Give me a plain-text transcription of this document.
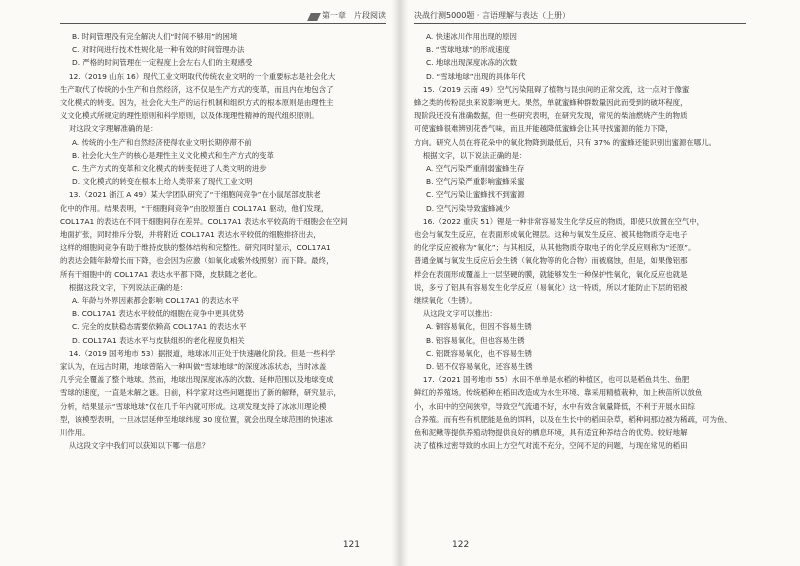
第一章　片段阅读

B. 时间管理没有完全解决人们“时间不够用”的困境

C. 对时间进行技术性规化是一种有效的时间管理办法

D. 严格的时间管理在一定程度上会左右人们的主观感受

12.（2019 山东 16）现代工业文明取代传统农业文明的一个重要标志是社会化大

生产取代了传统的小生产和自然经济，这不仅是生产方式的变革，而且内在地包含了

文化模式的转变。因为，社会化大生产的运行机制和组织方式的根本原则是由理性主

义文化模式所规定的理性原则和科学原则，以及体现理性精神的现代组织原则。

对这段文字理解准确的是：

A. 传统的小生产和自然经济使得农业文明长期停滞不前

B. 社会化大生产的核心是理性主义文化模式和生产方式的变革

C. 生产方式的变革和文化模式的转变促进了人类文明的进步

D. 文化模式的转变在根本上给人类带来了现代工业文明

13.（2021 浙江 A 49）某大学团队研究了“干细胞间竞争”在小鼠尾部皮肤老

化中的作用。结果表明，“干细胞间竞争”由胶原蛋白 COL17A1 驱动，他们发现，

COL17A1 的表达在不同干细胞间存在差异。COL17A1 表达水平较高的干细胞会在空间

地面扩张，同时排斥分裂，并将附近 COL17A1 表达水平较低的细胞排挤出去，

这样的细胞间竞争有助于维持皮肤的整体结构和完整性。研究同时显示，COL17A1

的表达会随年龄增长而下降，也会因为应激（如氧化或紫外线照射）而下降。最终，

所有干细胞中的 COL17A1 表达水平都下降，皮肤随之老化。

根据这段文字，下列说法正确的是：

A. 年龄与外界因素都会影响 COL17A1 的表达水平

B. COL17A1 表达水平较低的细胞在竞争中更具优势

C. 完全的皮肤稳态需要依赖高 COL17A1 的表达水平

D. COL17A1 表达水平与皮肤组织的老化程度负相关

14.（2019 国考地市 53）据报道，地球冰川正处于快速融化阶段。但是一些科学

家认为，在远古时期，地球曾陷入一种叫做“雪球地球”的深度冰冻状态，当时冰盖

几乎完全覆盖了整个地球。然而，地球出现深度冰冻的次数、延伸范围以及地球变成

雪球的速度，一直是未解之谜。日前，科学家对这些问题提出了新的解释，研究显示，

分析，结果显示“雪球地球”仅在几千年内就可形成。这项发现支持了冰冰川理论模

型，该模型表明，一旦冰层延伸至地球纬度 30 度位置，就会出现全球范围的快速冰

川作用。

从这段文字中我们可以获知以下哪一信息？

121
决战行测5000题 · 言语理解与表达（上册）

A. 快速冰川作用出现的原因

B. “雪球地球”的形成速度

C. 地球出现深度冰冻的次数

D. “雪球地球”出现的具体年代

15.（2019 云南 49）空气污染阻碍了植物与昆虫间的正常交流，这一点对于像蜜

蜂之类的传粉昆虫来说影响更大。果然，单就蜜蜂种群数量因此而受到的破坏程度，

现阶段还没有准确数据，但一些研究表明，在研究发现，常见的柴油燃烧产生的物质

可使蜜蜂很难辨别花香气味，而且并能越降低蜜蜂会让其寻找蜜源的能力下降，

方向。研究人员在将花朵中的氧化物降到最低后，只有 37% 的蜜蜂还能识别出蜜源在哪儿。

根据文字，以下说法正确的是：

A. 空气污染严重削弱蜜蜂生存

B. 空气污染严重影响蜜蜂采蜜

C. 空气污染让蜜蜂找不到蜜源

D. 空气污染导致蜜蜂减少

16.（2022 重庆 51）锂是一种非常容易发生化学反应的物质，即使只放置在空气中，

也会与氧发生反应，在表面形成氧化锂层。这种与氧发生反应、被其他物质夺走电子

的化学反应被称为“氧化”；与其相反，从其他物质夺取电子的化学反应则称为“还原”。

普通金属与氧发生反应后会生锈（氧化物等的化合物）而被腐蚀，但是，如果像铝那

样会在表面形成覆盖上一层坚硬的膜，就能够发生一种保护性氧化，氧化反应也就是

说，多亏了铝具有容易发生化学反应（易氧化）这一特质，所以才能防止下层的铝被

继续氧化（生锈）。

从这段文字可以推出：

A. 铜容易氧化，但因不容易生锈

B. 铝容易氧化，但也容易生锈

C. 铝既容易氧化，也不容易生锈

D. 铝不仅容易氧化，还容易生锈

17.（2021 国考地市 55）水田不单单是水稻的种植区，也可以是稻鱼共生、鱼肥

鲜红的养殖场。传统稻种在稻田改造成为水生环境、靠采用精植栽种，加上秧苗所以放鱼

小，水田中的空间狭窄，导致空气流通不好，水中有效含氧量降低，不利于开展水田综

合养殖。而有些有机肥能是鱼的饵料，以及在生长中的稻田杂草，稻种间那边被为稀疏，可为鱼、

鱼和泥鳅等提供养殖动物提供良好的栖息环境，具有适宜种养结合的优势。较好地解

决了植株过密导致的水田上方空气对流不充分，空间不足的问题，与现在常见的稻田

122
